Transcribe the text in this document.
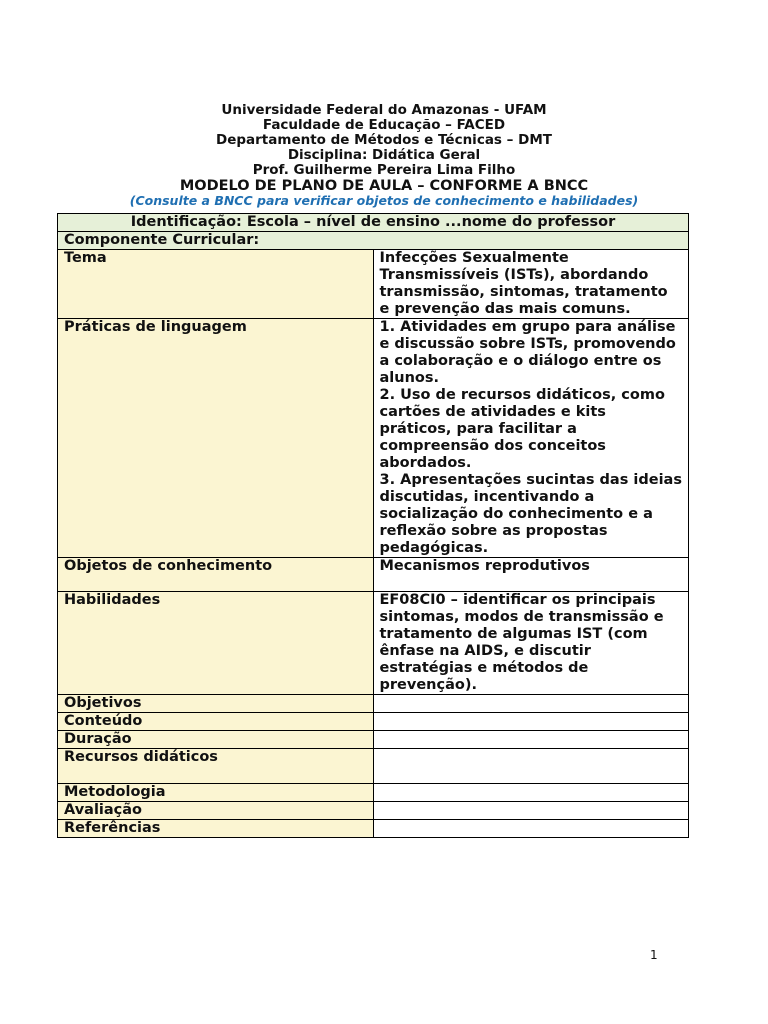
Universidade Federal do Amazonas - UFAM
Faculdade de Educação – FACED
Departamento de Métodos e Técnicas – DMT
Disciplina: Didática Geral
Prof. Guilherme Pereira Lima Filho
MODELO DE PLANO DE AULA – CONFORME A BNCC
(Consulte a BNCC para verificar objetos de conhecimento e habilidades)
Identificação: Escola – nível de ensino ...nome do professor	
Componente Curricular:	
Tema	Infecções Sexualmente Transmissíveis (ISTs), abordando transmissão, sintomas, tratamento e prevenção das mais comuns.
Práticas de linguagem	1. Atividades em grupo para análise e discussão sobre ISTs, promovendo a colaboração e o diálogo entre os alunos.
2. Uso de recursos didáticos, como cartões de atividades e kits práticos, para facilitar a compreensão dos conceitos abordados.
3. Apresentações sucintas das ideias discutidas, incentivando a socialização do conhecimento e a reflexão sobre as propostas pedagógicas.
Objetos de conhecimento	Mecanismos reprodutivos
Habilidades	EF08CI0 – identificar os principais sintomas, modos de transmissão e tratamento de algumas IST (com ênfase na AIDS, e discutir estratégias e métodos de prevenção).
Objetivos	
Conteúdo	
Duração	
Recursos didáticos	
Metodologia	
Avaliação	
Referências	
1
